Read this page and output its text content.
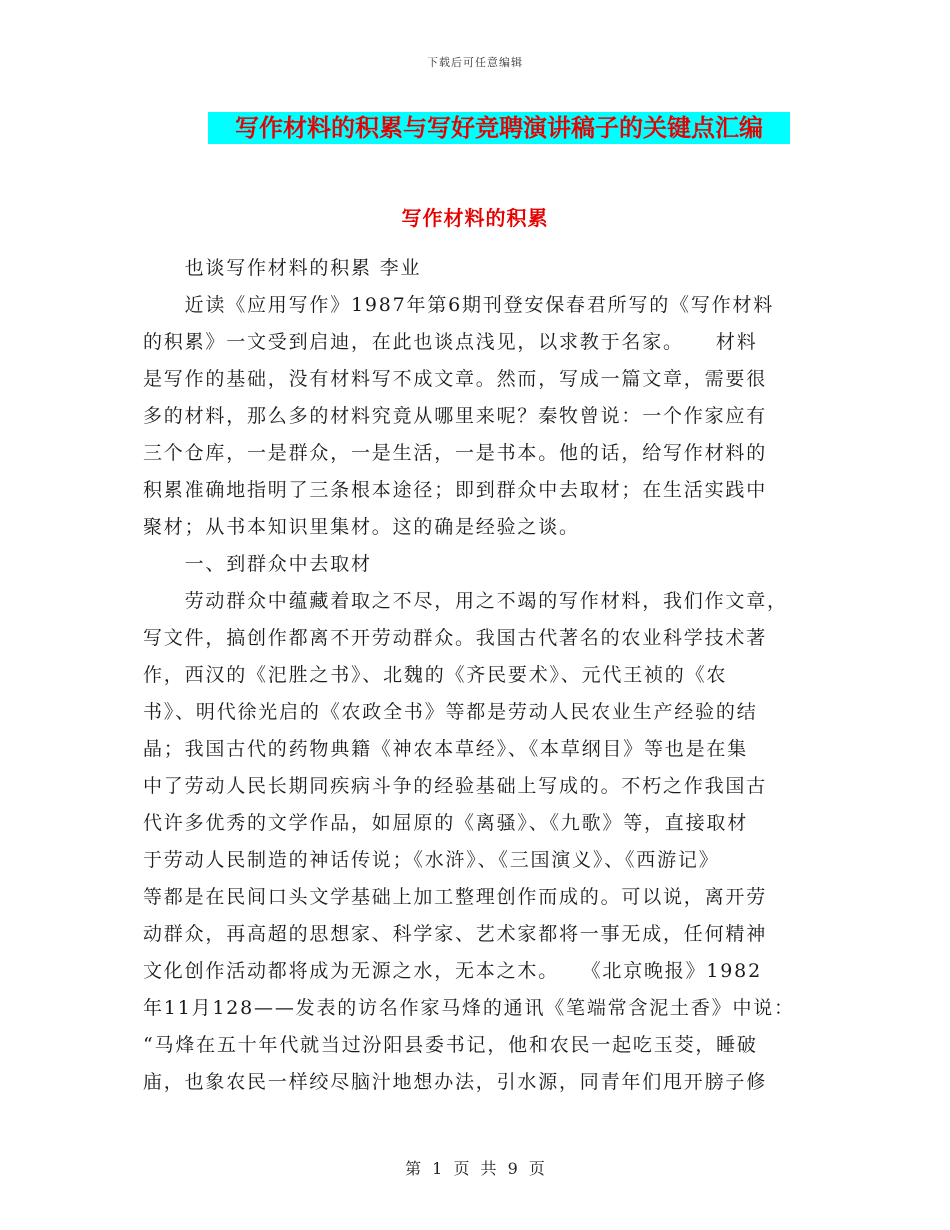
下载后可任意编辑
写作材料的积累与写好竞聘演讲稿子的关键点汇编
写作材料的积累
　　也谈写作材料的积累 李业
　　近读《应用写作》1987年第6期刊登安保春君所写的《写作材料
的积累》一文受到启迪，在此也谈点浅见，以求教于名家。　　材料
是写作的基础，没有材料写不成文章。然而，写成一篇文章，需要很
多的材料，那么多的材料究竟从哪里来呢？秦牧曾说：一个作家应有
三个仓库，一是群众，一是生活，一是书本。他的话，给写作材料的
积累准确地指明了三条根本途径；即到群众中去取材；在生活实践中
聚材；从书本知识里集材。这的确是经验之谈。
　　一、到群众中去取材
　　劳动群众中蕴藏着取之不尽，用之不竭的写作材料，我们作文章，
写文件，搞创作都离不开劳动群众。我国古代著名的农业科学技术著
作，西汉的《汜胜之书》、北魏的《齐民要术》、元代王祯的《农
书》、明代徐光启的《农政全书》等都是劳动人民农业生产经验的结
晶；我国古代的药物典籍《神农本草经》、《本草纲目》等也是在集
中了劳动人民长期同疾病斗争的经验基础上写成的。不朽之作我国古
代许多优秀的文学作品，如屈原的《离骚》、《九歌》等，直接取材
于劳动人民制造的神话传说；《水浒》、《三国演义》、《西游记》
等都是在民间口头文学基础上加工整理创作而成的。可以说，离开劳
动群众，再高超的思想家、科学家、艺术家都将一事无成，任何精神
文化创作活动都将成为无源之水，无本之木。　　《北京晚报》1982
年11月128——发表的访名作家马烽的通讯《笔端常含泥土香》中说：
“马烽在五十年代就当过汾阳县委书记，他和农民一起吃玉茭，睡破
庙，也象农民一样绞尽脑汁地想办法，引水源，同青年们甩开膀子修
第 1 页 共 9 页
